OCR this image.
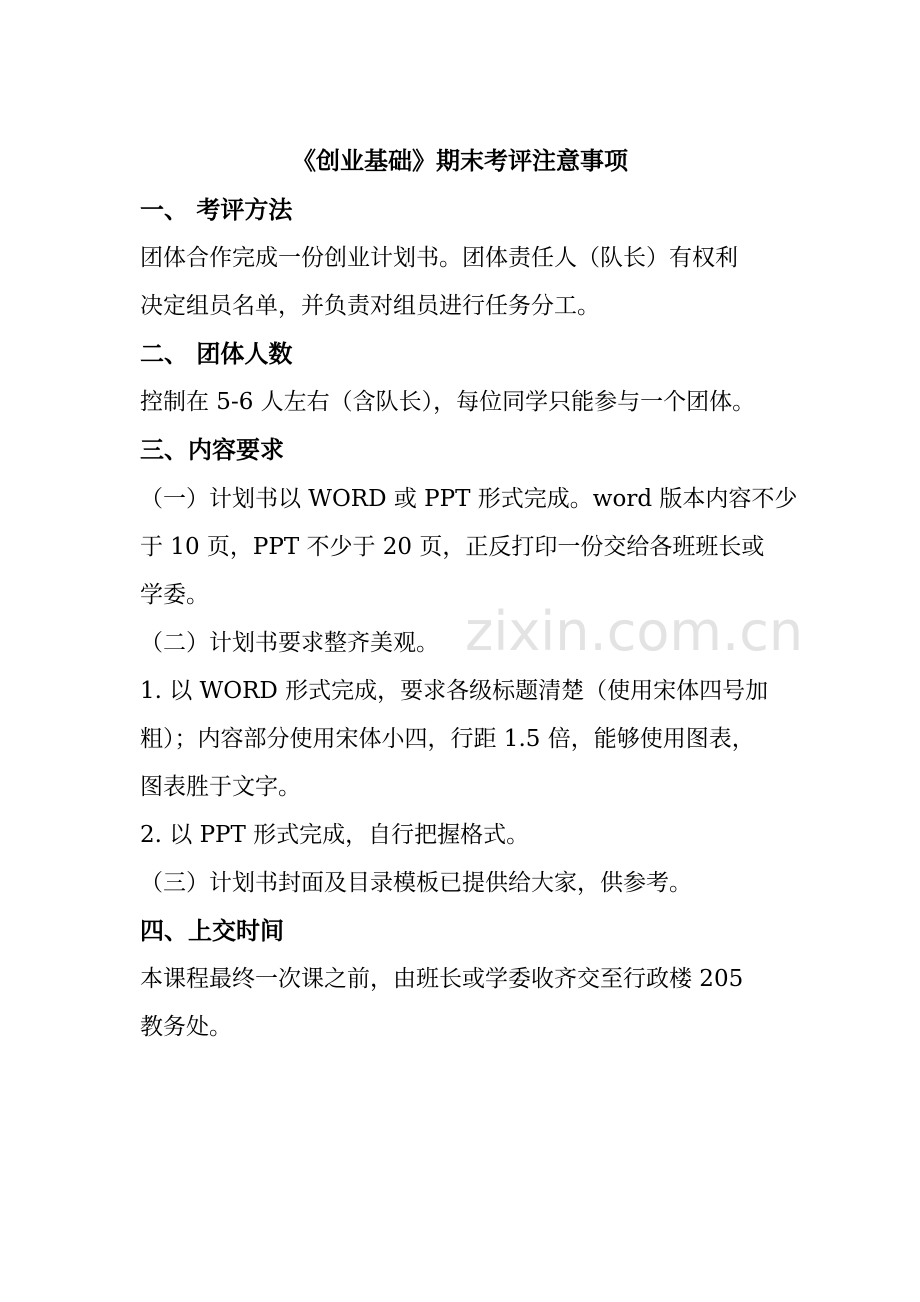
zixin.com.cn
《创业基础》期末考评注意事项
一、 考评方法
团体合作完成一份创业计划书。团体责任人（队长）有权利
决定组员名单，并负责对组员进行任务分工。
二、 团体人数
控制在 5-6 人左右（含队长），每位同学只能参与一个团体。
三、内容要求
（一）计划书以 WORD 或 PPT 形式完成。word 版本内容不少
于 10 页，PPT 不少于 20 页，正反打印一份交给各班班长或
学委。
（二）计划书要求整齐美观。
1. 以 WORD 形式完成，要求各级标题清楚（使用宋体四号加
粗）；内容部分使用宋体小四，行距 1.5 倍，能够使用图表，
图表胜于文字。
2. 以 PPT 形式完成，自行把握格式。
（三）计划书封面及目录模板已提供给大家，供参考。
四、上交时间
本课程最终一次课之前，由班长或学委收齐交至行政楼 205
教务处。
